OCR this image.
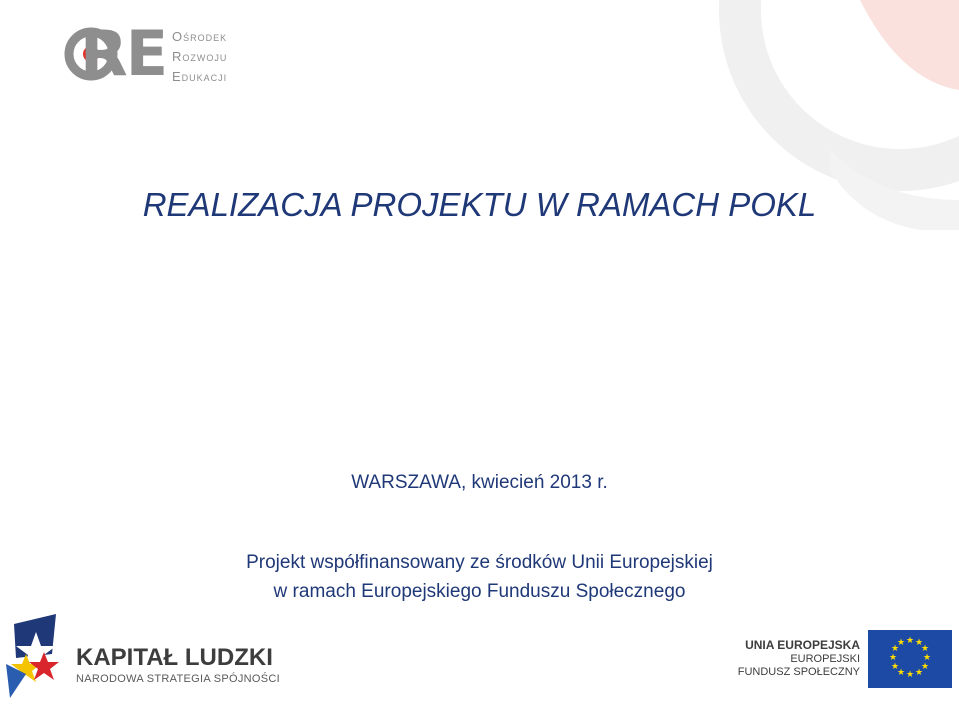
RE Ośrodek
Rozwoju
Edukacji
REALIZACJA PROJEKTU W RAMACH POKL
WARSZAWA, kwiecień 2013 r.
Projekt współfinansowany ze środków Unii Europejskiej
w ramach Europejskiego Funduszu Społecznego
KAPITAŁ LUDZKI
NARODOWA STRATEGIA SPÓJNOŚCI
UNIA EUROPEJSKA
EUROPEJSKI
FUNDUSZ SPOŁECZNY
★ ★
★
★
★
★
★
★
★
★
★
★
